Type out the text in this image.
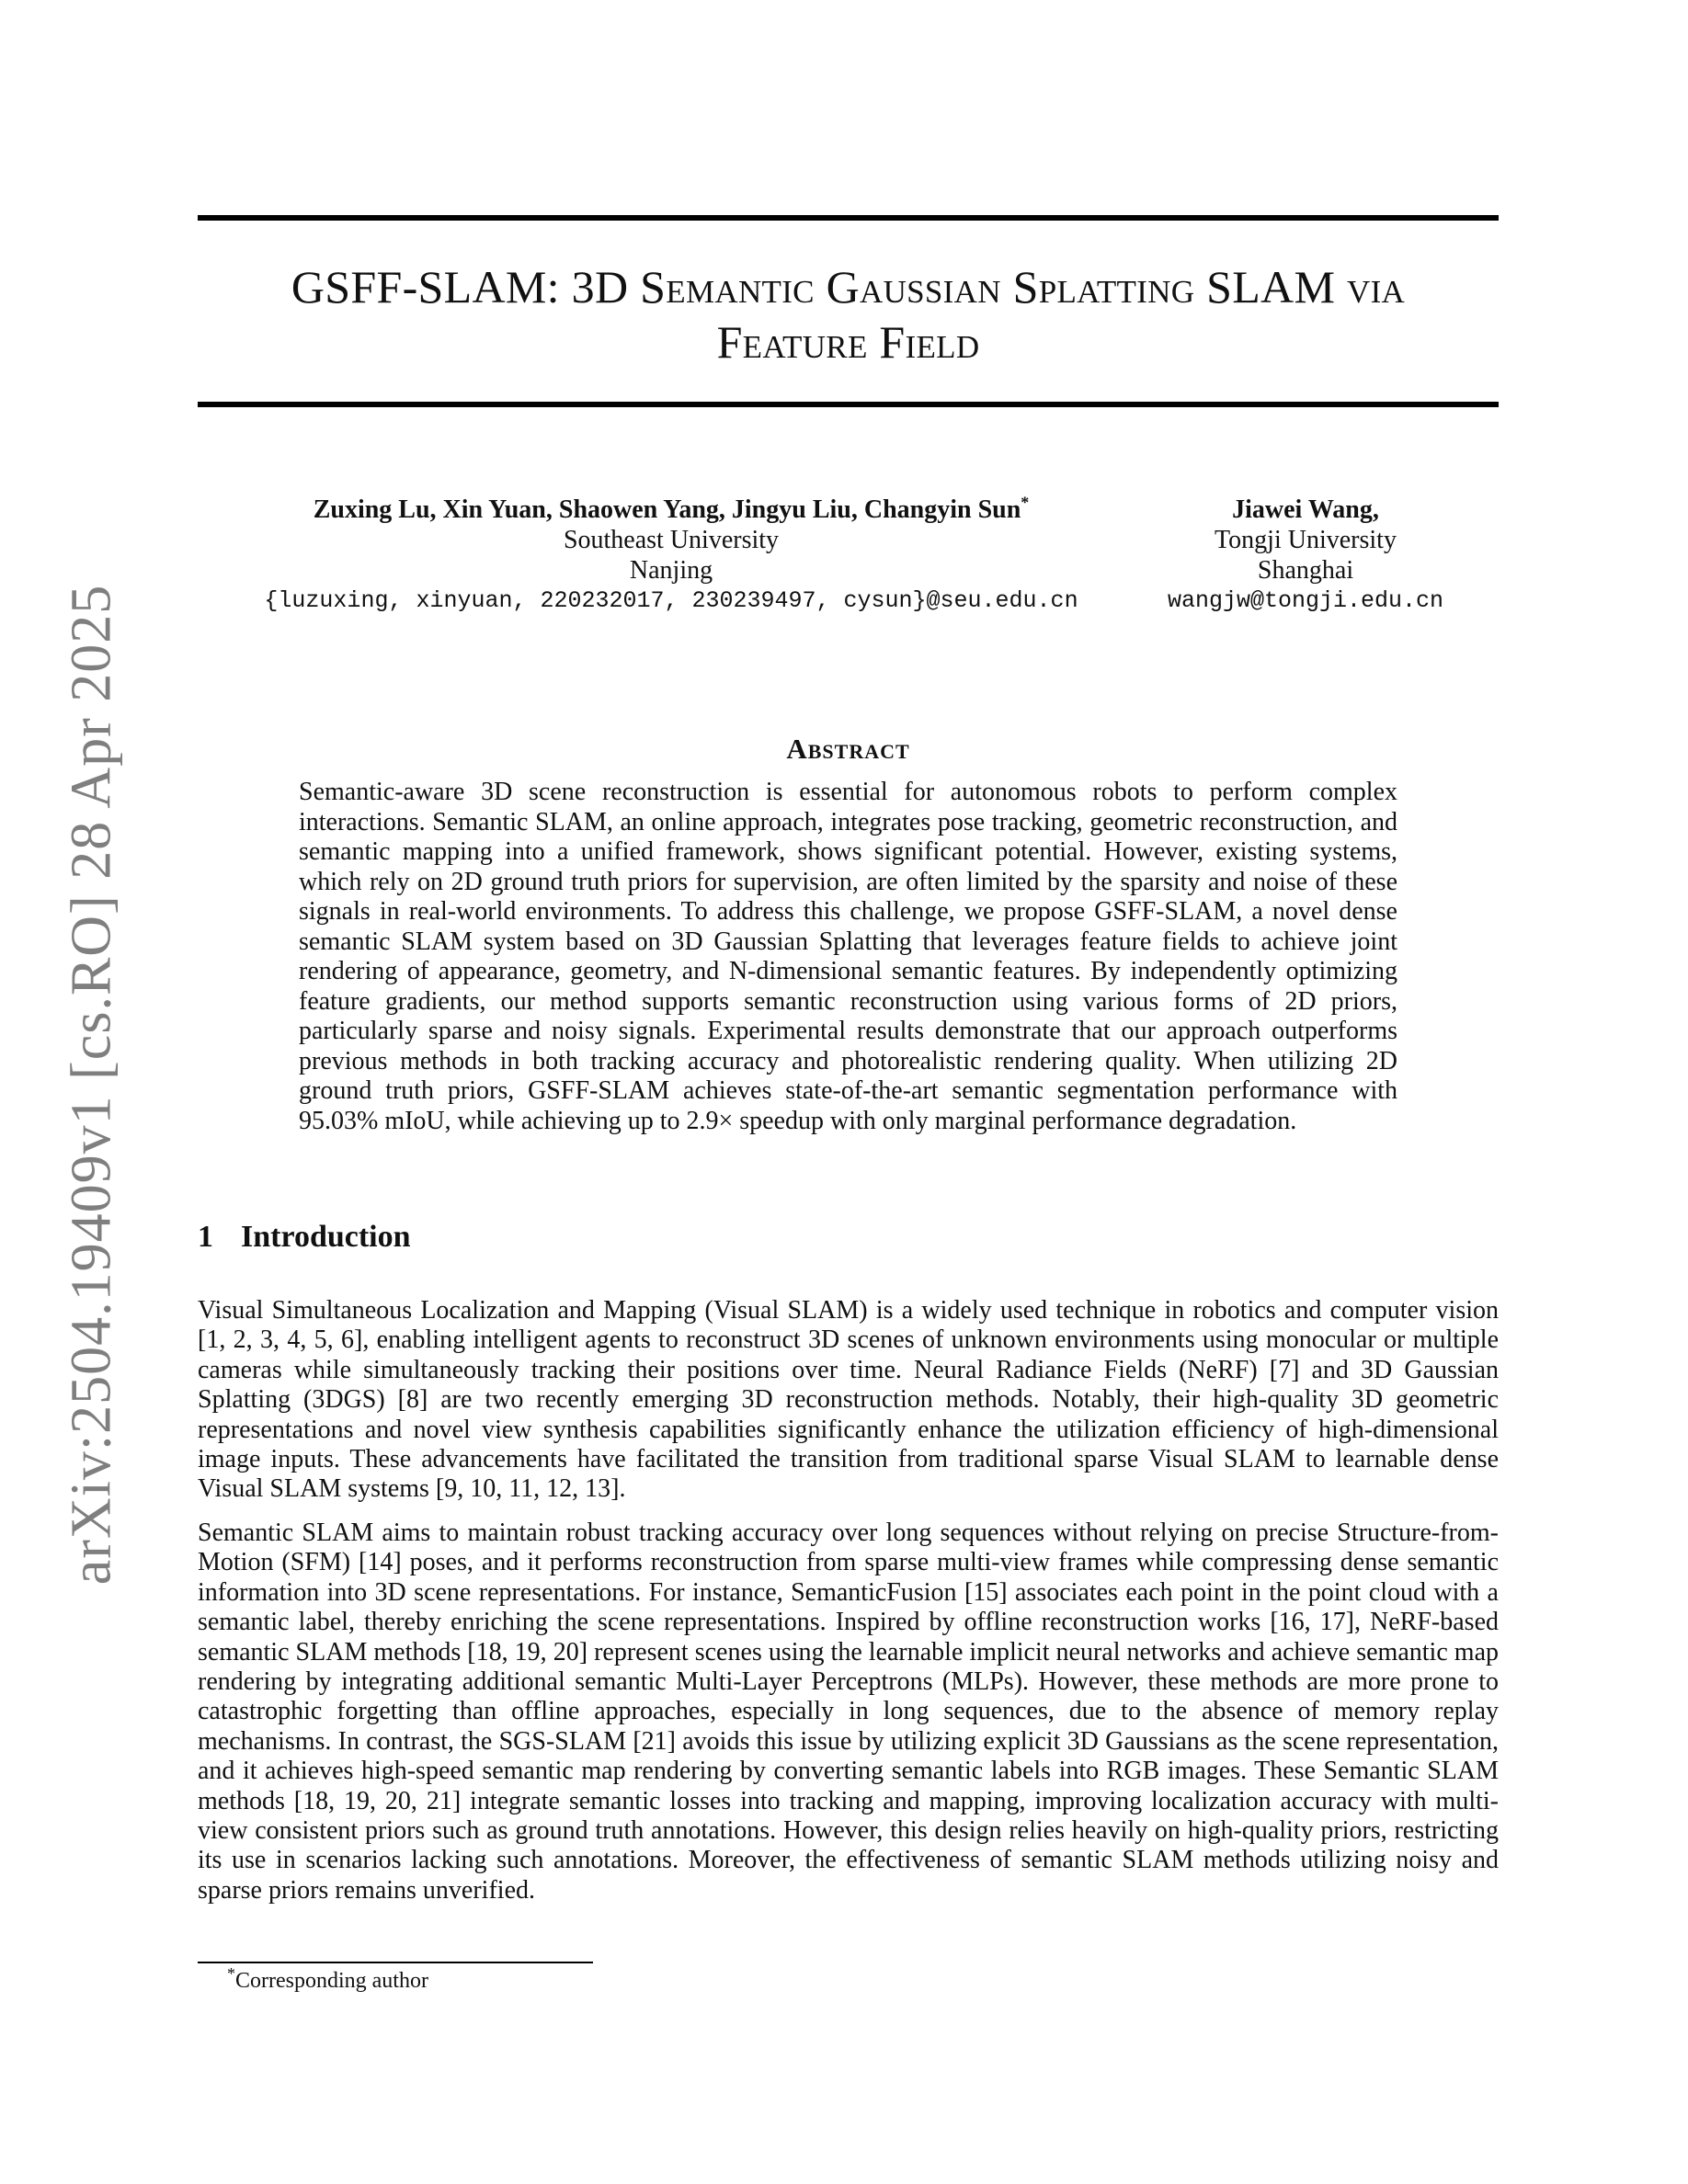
arXiv:2504.19409v1 [cs.RO] 28 Apr 2025
GSFF-SLAM: 3D Semantic Gaussian Splatting SLAM via
Feature Field
Zuxing Lu, Xin Yuan, Shaowen Yang, Jingyu Liu, Changyin Sun*
Southeast University
Nanjing
{luzuxing, xinyuan, 220232017, 230239497, cysun}@seu.edu.cn
Jiawei Wang,
Tongji University
Shanghai
wangjw@tongji.edu.cn
Abstract
Semantic-aware 3D scene reconstruction is essential for autonomous robots to perform complex interactions. Semantic SLAM, an online approach, integrates pose tracking, geometric reconstruction, and semantic mapping into a unified framework, shows significant potential. However, existing systems, which rely on 2D ground truth priors for supervision, are often limited by the sparsity and noise of these signals in real-world environments. To address this challenge, we propose GSFF-SLAM, a novel dense semantic SLAM system based on 3D Gaussian Splatting that leverages feature fields to achieve joint rendering of appearance, geometry, and N-dimensional semantic features. By independently optimizing feature gradients, our method supports semantic reconstruction using various forms of 2D priors, particularly sparse and noisy signals. Experimental results demonstrate that our approach outperforms previous methods in both tracking accuracy and photorealistic rendering quality. When utilizing 2D ground truth priors, GSFF-SLAM achieves state-of-the-art semantic segmentation performance with 95.03% mIoU, while achieving up to 2.9× speedup with only marginal performance degradation.
1 Introduction
Visual Simultaneous Localization and Mapping (Visual SLAM) is a widely used technique in robotics and computer vision [1, 2, 3, 4, 5, 6], enabling intelligent agents to reconstruct 3D scenes of unknown environments using monocular or multiple cameras while simultaneously tracking their positions over time. Neural Radiance Fields (NeRF) [7] and 3D Gaussian Splatting (3DGS) [8] are two recently emerging 3D reconstruction methods. Notably, their high-quality 3D geometric representations and novel view synthesis capabilities significantly enhance the utilization efficiency of high-dimensional image inputs. These advancements have facilitated the transition from traditional sparse Visual SLAM to learnable dense Visual SLAM systems [9, 10, 11, 12, 13].
Semantic SLAM aims to maintain robust tracking accuracy over long sequences without relying on precise Structure-from-Motion (SFM) [14] poses, and it performs reconstruction from sparse multi-view frames while compressing dense semantic information into 3D scene representations. For instance, SemanticFusion [15] associates each point in the point cloud with a semantic label, thereby enriching the scene representations. Inspired by offline reconstruction works [16, 17], NeRF-based semantic SLAM methods [18, 19, 20] represent scenes using the learnable implicit neural networks and achieve semantic map rendering by integrating additional semantic Multi-Layer Perceptrons (MLPs). However, these methods are more prone to catastrophic forgetting than offline approaches, especially in long sequences, due to the absence of memory replay mechanisms. In contrast, the SGS-SLAM [21] avoids this issue by utilizing explicit 3D Gaussians as the scene representation, and it achieves high-speed semantic map rendering by converting semantic labels into RGB images. These Semantic SLAM methods [18, 19, 20, 21] integrate semantic losses into tracking and mapping, improving localization accuracy with multi-view consistent priors such as ground truth annotations. However, this design relies heavily on high-quality priors, restricting its use in scenarios lacking such annotations. Moreover, the effectiveness of semantic SLAM methods utilizing noisy and sparse priors remains unverified.
*Corresponding author
